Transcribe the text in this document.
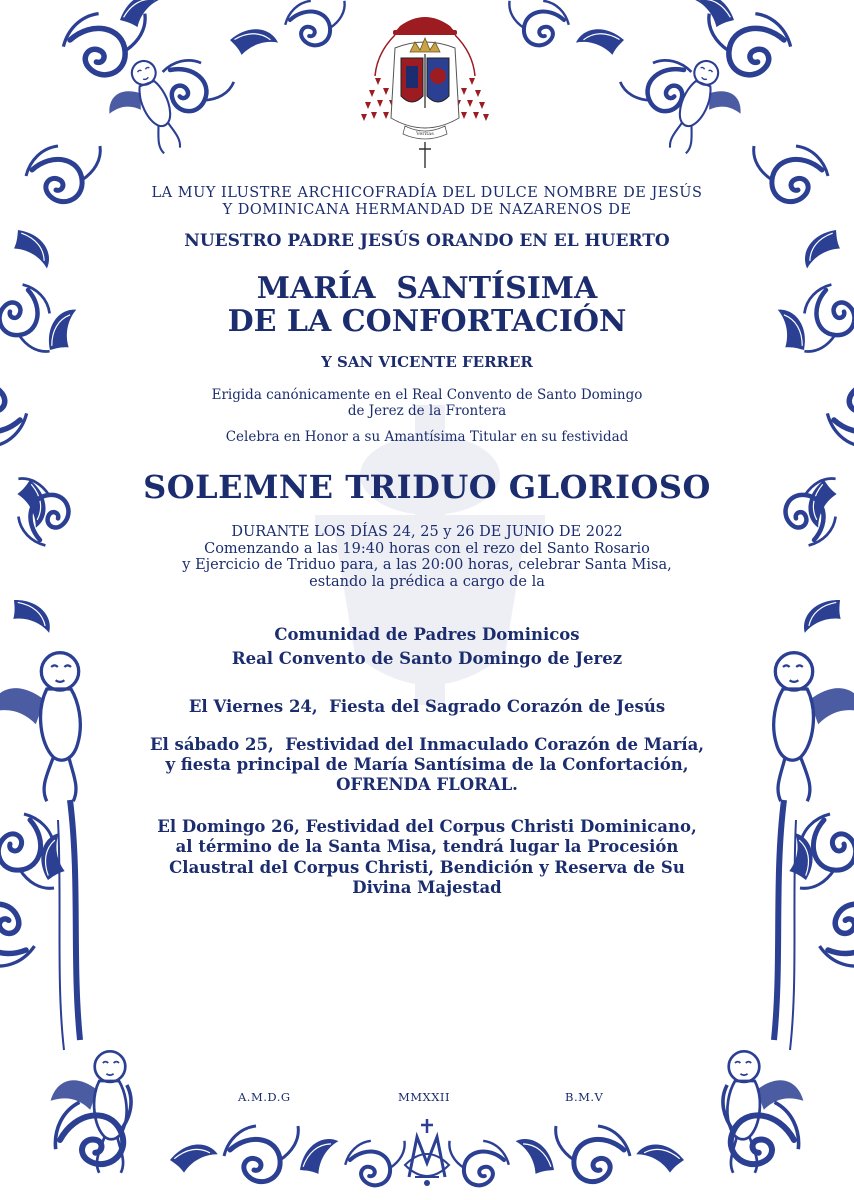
Veritas

LA MUY ILUSTRE ARCHICOFRADÍA DEL DULCE NOMBRE DE JESÚS

Y DOMINICANA HERMANDAD DE NAZARENOS DE

NUESTRO PADRE JESÚS ORANDO EN EL HUERTO

MARÍA  SANTÍSIMA
DE LA CONFORTACIÓN

Y SAN VICENTE FERRER

Erigida canónicamente en el Real Convento de Santo Domingo
de Jerez de la Frontera

Celebra en Honor a su Amantísima Titular en su festividad

SOLEMNE TRIDUO GLORIOSO

DURANTE LOS DÍAS 24, 25 y 26 DE JUNIO DE 2022
Comenzando a las 19:40 horas con el rezo del Santo Rosario
y Ejercicio de Triduo para, a las 20:00 horas, celebrar Santa Misa,
estando la prédica a cargo de la
Comunidad de Padres Dominicos
Real Convento de Santo Domingo de Jerez

El Viernes 24,  Fiesta del Sagrado Corazón de Jesús

El sábado 25,  Festividad del Inmaculado Corazón de María,
y fiesta principal de María Santísima de la Confortación,
OFRENDA FLORAL.
El Domingo 26, Festividad del Corpus Christi Dominicano,
al término de la Santa Misa, tendrá lugar la Procesión
Claustral del Corpus Christi, Bendición y Reserva de Su
Divina Majestad
A.M.D.G	MMXXII	B.M.V
